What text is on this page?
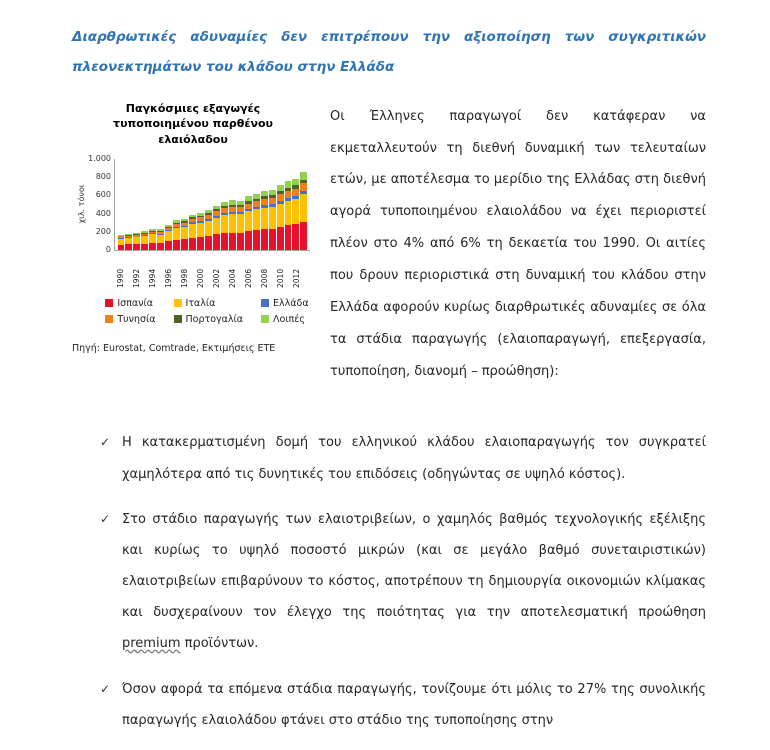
Διαρθρωτικές αδυναμίες δεν επιτρέπουν την αξιοποίηση των συγκριτικών
πλεονεκτημάτων του κλάδου στην Ελλάδα
Παγκόσμιες εξαγωγές τυποποιημένου παρθένου ελαιόλαδου
χιλ. τόνοι
0
200
400
600
800
1.000
1990 1992 1994 1996 1998 2000 2002 2004 2006 2008 2010 2012
Ισπανία	Ιταλία	Ελλάδα
Τυνησία	Πορτογαλία	Λοιπές
Πηγή: Eurostat, Comtrade, Εκτιμήσεις ΕΤΕ
Οι Έλληνες παραγωγοί δεν κατάφεραν να εκμεταλλευτούν τη διεθνή δυναμική των τελευταίων ετών, με αποτέλεσμα το μερίδιο της Ελλάδας στη διεθνή αγορά τυποποιημένου ελαιολάδου να έχει περιοριστεί πλέον στο 4% από 6% τη δεκαετία του 1990. Οι αιτίες που δρουν περιοριστικά στη δυναμική του κλάδου στην Ελλάδα αφορούν κυρίως διαρθρωτικές αδυναμίες σε όλα τα στάδια παραγωγής (ελαιοπαραγωγή, επεξεργασία, τυποποίηση, διανομή – προώθηση):
✓ Η κατακερματισμένη δομή του ελληνικού κλάδου ελαιοπαραγωγής τον συγκρατεί χαμηλότερα από τις δυνητικές του επιδόσεις (οδηγώντας σε υψηλό κόστος).
✓ Στο στάδιο παραγωγής των ελαιοτριβείων, ο χαμηλός βαθμός τεχνολογικής εξέλιξης και κυρίως το υψηλό ποσοστό μικρών (και σε μεγάλο βαθμό συνεταιριστικών) ελαιοτριβείων επιβαρύνουν το κόστος, αποτρέπουν τη δημιουργία οικονομιών κλίμακας και δυσχεραίνουν τον έλεγχο της ποιότητας για την αποτελεσματική προώθηση premium προϊόντων.
✓ Όσον αφορά τα επόμενα στάδια παραγωγής, τονίζουμε ότι μόλις το 27% της συνολικής παραγωγής ελαιολάδου φτάνει στο στάδιο της τυποποίησης στην
